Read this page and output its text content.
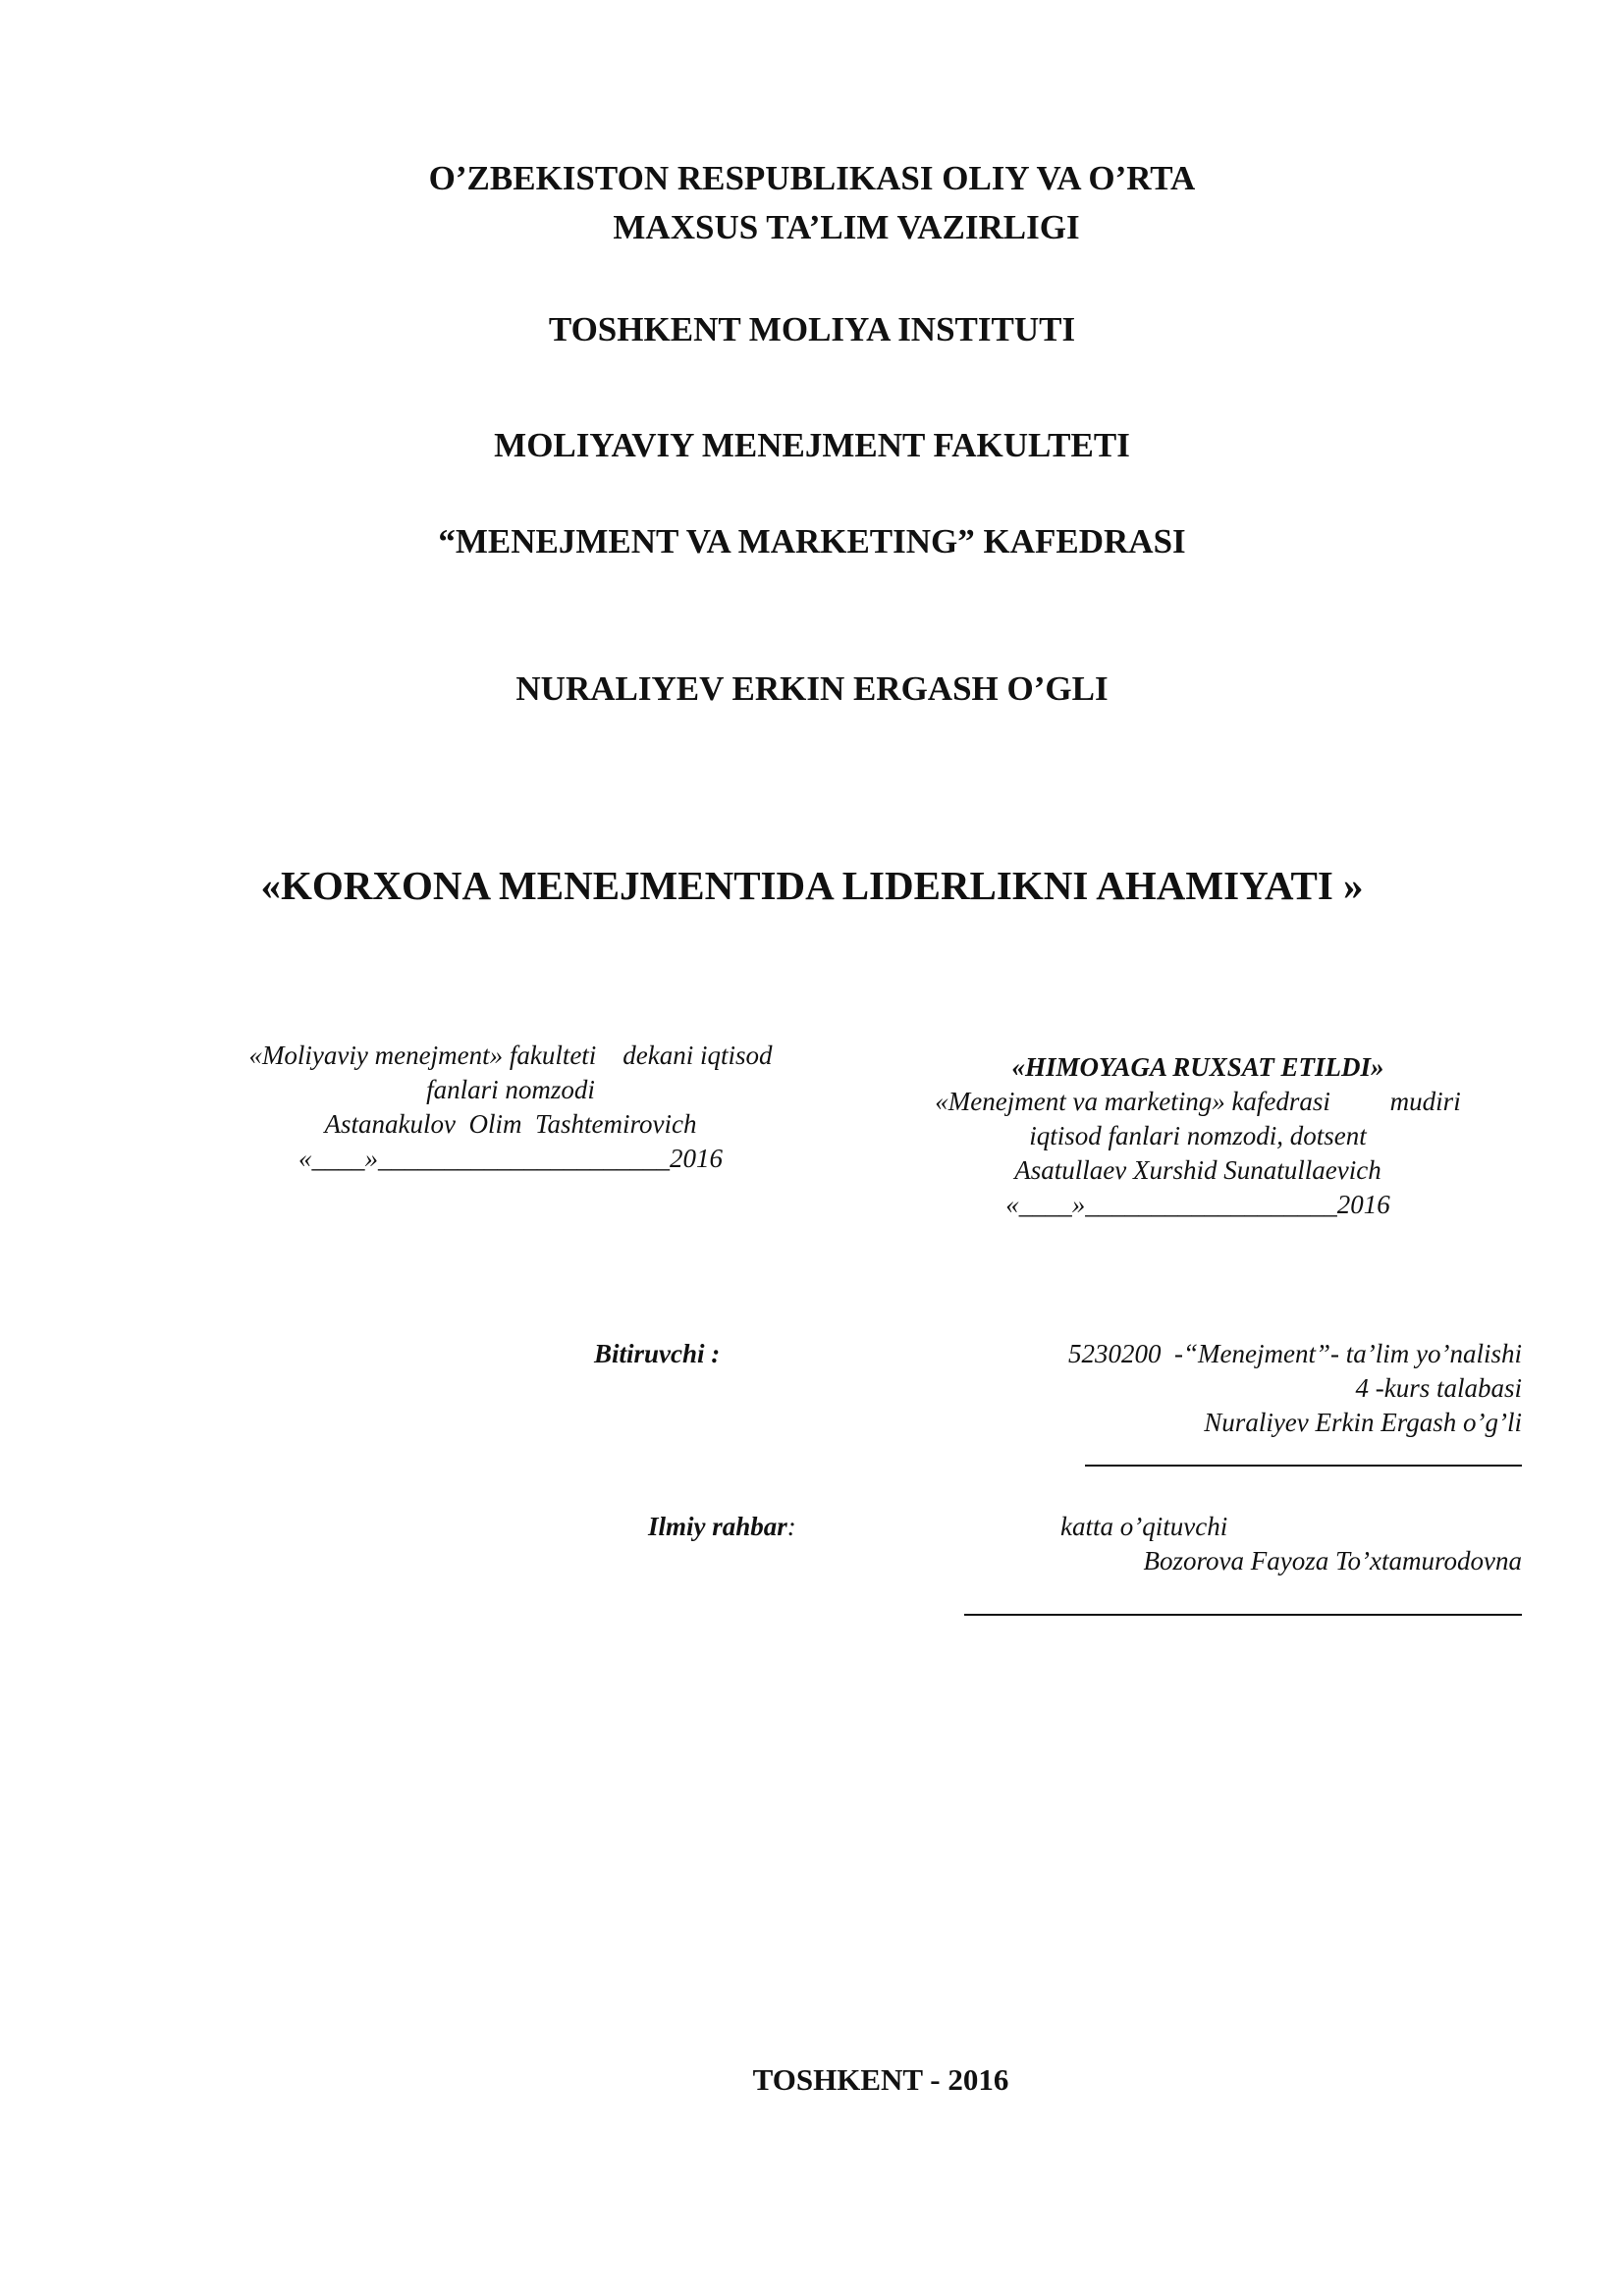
O’ZBEKISTON RESPUBLIKASI OLIY VA O’RTA
MAXSUS TA’LIM VAZIRLIGI
TOSHKENT MOLIYA INSTITUTI
MOLIYAVIY MENEJMENT FAKULTETI
“MENEJMENT VA MARKETING” KAFEDRASI
NURALIYEV ERKIN ERGASH O’GLI
«KORXONA MENEJMENTIDA LIDERLIKNI AHAMIYATI »
«Moliyaviy menejment» fakulteti    dekani iqtisod
fanlari nomzodi
Astanakulov  Olim  Tashtemirovich
«____»______________________2016
«HIMOYAGA RUXSAT ETILDI»
«Menejment va marketing» kafedrasi         mudiri
iqtisod fanlari nomzodi, dotsent
Asatullaev Xurshid Sunatullaevich
«____»___________________2016
Bitiruvchi :	5230200  -“Menejment”- ta’lim yo’nalishi
4 -kurs talabasi
Nuraliyev Erkin Ergash o’g’li
Ilmiy rahbar:	katta o’qituvchi
Bozorova Fayoza To’xtamurodovna
TOSHKENT - 2016
